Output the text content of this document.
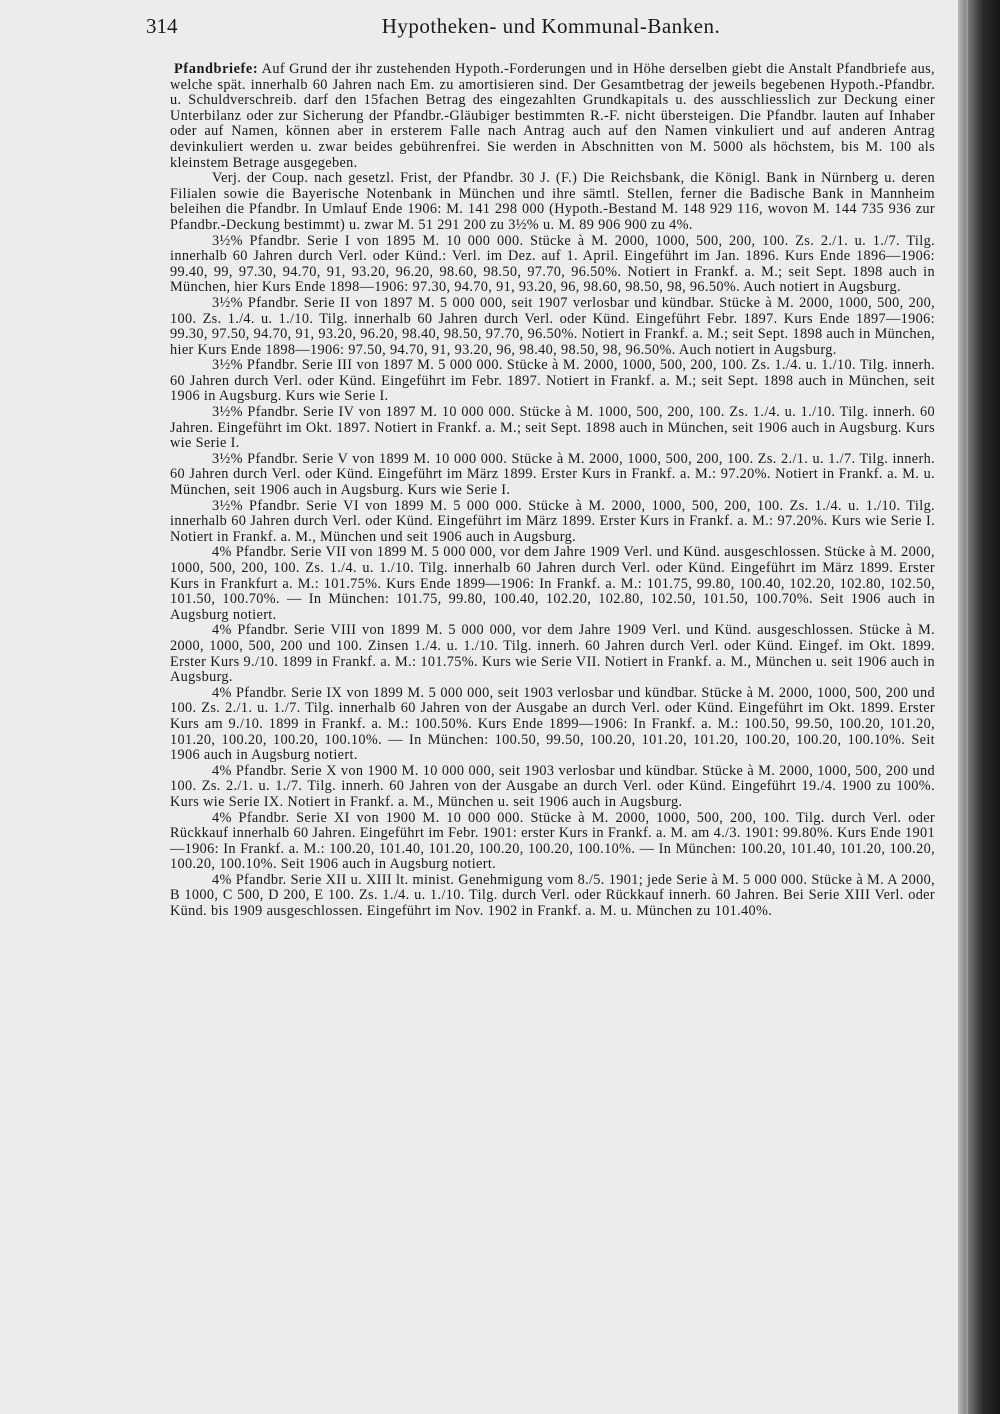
314	Hypotheken- und Kommunal-Banken.

Pfandbriefe: Auf Grund der ihr zustehenden Hypoth.-Forderungen und in Höhe derselben giebt die Anstalt Pfandbriefe aus, welche spät. innerhalb 60 Jahren nach Em. zu amortisieren sind. Der Gesamtbetrag der jeweils begebenen Hypoth.-Pfandbr. u. Schuldverschreib. darf den 15fachen Betrag des eingezahlten Grundkapitals u. des ausschliesslich zur Deckung einer Unterbilanz oder zur Sicherung der Pfandbr.-Gläubiger bestimmten R.-F. nicht übersteigen. Die Pfandbr. lauten auf Inhaber oder auf Namen, können aber in ersterem Falle nach Antrag auch auf den Namen vinkuliert und auf anderen Antrag devinkuliert werden u. zwar beides gebührenfrei. Sie werden in Abschnitten von M. 5000 als höchstem, bis M. 100 als kleinstem Betrage ausgegeben.

Verj. der Coup. nach gesetzl. Frist, der Pfandbr. 30 J. (F.) Die Reichsbank, die Königl. Bank in Nürnberg u. deren Filialen sowie die Bayerische Notenbank in München und ihre sämtl. Stellen, ferner die Badische Bank in Mannheim beleihen die Pfandbr. In Umlauf Ende 1906: M. 141 298 000 (Hypoth.-Bestand M. 148 929 116, wovon M. 144 735 936 zur Pfandbr.-Deckung bestimmt) u. zwar M. 51 291 200 zu 3½% u. M. 89 906 900 zu 4%.

3½% Pfandbr. Serie I von 1895 M. 10 000 000. Stücke à M. 2000, 1000, 500, 200, 100. Zs. 2./1. u. 1./7. Tilg. innerhalb 60 Jahren durch Verl. oder Künd.: Verl. im Dez. auf 1. April. Eingeführt im Jan. 1896. Kurs Ende 1896—1906: 99.40, 99, 97.30, 94.70, 91, 93.20, 96.20, 98.60, 98.50, 97.70, 96.50%. Notiert in Frankf. a. M.; seit Sept. 1898 auch in München, hier Kurs Ende 1898—1906: 97.30, 94.70, 91, 93.20, 96, 98.60, 98.50, 98, 96.50%. Auch notiert in Augsburg.

3½% Pfandbr. Serie II von 1897 M. 5 000 000, seit 1907 verlosbar und kündbar. Stücke à M. 2000, 1000, 500, 200, 100. Zs. 1./4. u. 1./10. Tilg. innerhalb 60 Jahren durch Verl. oder Künd. Eingeführt Febr. 1897. Kurs Ende 1897—1906: 99.30, 97.50, 94.70, 91, 93.20, 96.20, 98.40, 98.50, 97.70, 96.50%. Notiert in Frankf. a. M.; seit Sept. 1898 auch in München, hier Kurs Ende 1898—1906: 97.50, 94.70, 91, 93.20, 96, 98.40, 98.50, 98, 96.50%. Auch notiert in Augsburg.

3½% Pfandbr. Serie III von 1897 M. 5 000 000. Stücke à M. 2000, 1000, 500, 200, 100. Zs. 1./4. u. 1./10. Tilg. innerh. 60 Jahren durch Verl. oder Künd. Eingeführt im Febr. 1897. Notiert in Frankf. a. M.; seit Sept. 1898 auch in München, seit 1906 in Augsburg. Kurs wie Serie I.

3½% Pfandbr. Serie IV von 1897 M. 10 000 000. Stücke à M. 1000, 500, 200, 100. Zs. 1./4. u. 1./10. Tilg. innerh. 60 Jahren. Eingeführt im Okt. 1897. Notiert in Frankf. a. M.; seit Sept. 1898 auch in München, seit 1906 auch in Augsburg. Kurs wie Serie I.

3½% Pfandbr. Serie V von 1899 M. 10 000 000. Stücke à M. 2000, 1000, 500, 200, 100. Zs. 2./1. u. 1./7. Tilg. innerh. 60 Jahren durch Verl. oder Künd. Eingeführt im März 1899. Erster Kurs in Frankf. a. M.: 97.20%. Notiert in Frankf. a. M. u. München, seit 1906 auch in Augsburg. Kurs wie Serie I.

3½% Pfandbr. Serie VI von 1899 M. 5 000 000. Stücke à M. 2000, 1000, 500, 200, 100. Zs. 1./4. u. 1./10. Tilg. innerhalb 60 Jahren durch Verl. oder Künd. Eingeführt im März 1899. Erster Kurs in Frankf. a. M.: 97.20%. Kurs wie Serie I. Notiert in Frankf. a. M., München und seit 1906 auch in Augsburg.

4% Pfandbr. Serie VII von 1899 M. 5 000 000, vor dem Jahre 1909 Verl. und Künd. ausgeschlossen. Stücke à M. 2000, 1000, 500, 200, 100. Zs. 1./4. u. 1./10. Tilg. innerhalb 60 Jahren durch Verl. oder Künd. Eingeführt im März 1899. Erster Kurs in Frankfurt a. M.: 101.75%. Kurs Ende 1899—1906: In Frankf. a. M.: 101.75, 99.80, 100.40, 102.20, 102.80, 102.50, 101.50, 100.70%. — In München: 101.75, 99.80, 100.40, 102.20, 102.80, 102.50, 101.50, 100.70%. Seit 1906 auch in Augsburg notiert.

4% Pfandbr. Serie VIII von 1899 M. 5 000 000, vor dem Jahre 1909 Verl. und Künd. ausgeschlossen. Stücke à M. 2000, 1000, 500, 200 und 100. Zinsen 1./4. u. 1./10. Tilg. innerh. 60 Jahren durch Verl. oder Künd. Eingef. im Okt. 1899. Erster Kurs 9./10. 1899 in Frankf. a. M.: 101.75%. Kurs wie Serie VII. Notiert in Frankf. a. M., München u. seit 1906 auch in Augsburg.

4% Pfandbr. Serie IX von 1899 M. 5 000 000, seit 1903 verlosbar und kündbar. Stücke à M. 2000, 1000, 500, 200 und 100. Zs. 2./1. u. 1./7. Tilg. innerhalb 60 Jahren von der Ausgabe an durch Verl. oder Künd. Eingeführt im Okt. 1899. Erster Kurs am 9./10. 1899 in Frankf. a. M.: 100.50%. Kurs Ende 1899—1906: In Frankf. a. M.: 100.50, 99.50, 100.20, 101.20, 101.20, 100.20, 100.20, 100.10%. — In München: 100.50, 99.50, 100.20, 101.20, 101.20, 100.20, 100.20, 100.10%. Seit 1906 auch in Augsburg notiert.

4% Pfandbr. Serie X von 1900 M. 10 000 000, seit 1903 verlosbar und kündbar. Stücke à M. 2000, 1000, 500, 200 und 100. Zs. 2./1. u. 1./7. Tilg. innerh. 60 Jahren von der Ausgabe an durch Verl. oder Künd. Eingeführt 19./4. 1900 zu 100%. Kurs wie Serie IX. Notiert in Frankf. a. M., München u. seit 1906 auch in Augsburg.

4% Pfandbr. Serie XI von 1900 M. 10 000 000. Stücke à M. 2000, 1000, 500, 200, 100. Tilg. durch Verl. oder Rückkauf innerhalb 60 Jahren. Eingeführt im Febr. 1901: erster Kurs in Frankf. a. M. am 4./3. 1901: 99.80%. Kurs Ende 1901—1906: In Frankf. a. M.: 100.20, 101.40, 101.20, 100.20, 100.20, 100.10%. — In München: 100.20, 101.40, 101.20, 100.20, 100.20, 100.10%. Seit 1906 auch in Augsburg notiert.

4% Pfandbr. Serie XII u. XIII lt. minist. Genehmigung vom 8./5. 1901; jede Serie à M. 5 000 000. Stücke à M. A 2000, B 1000, C 500, D 200, E 100. Zs. 1./4. u. 1./10. Tilg. durch Verl. oder Rückkauf innerh. 60 Jahren. Bei Serie XIII Verl. oder Künd. bis 1909 ausgeschlossen. Eingeführt im Nov. 1902 in Frankf. a. M. u. München zu 101.40%.
